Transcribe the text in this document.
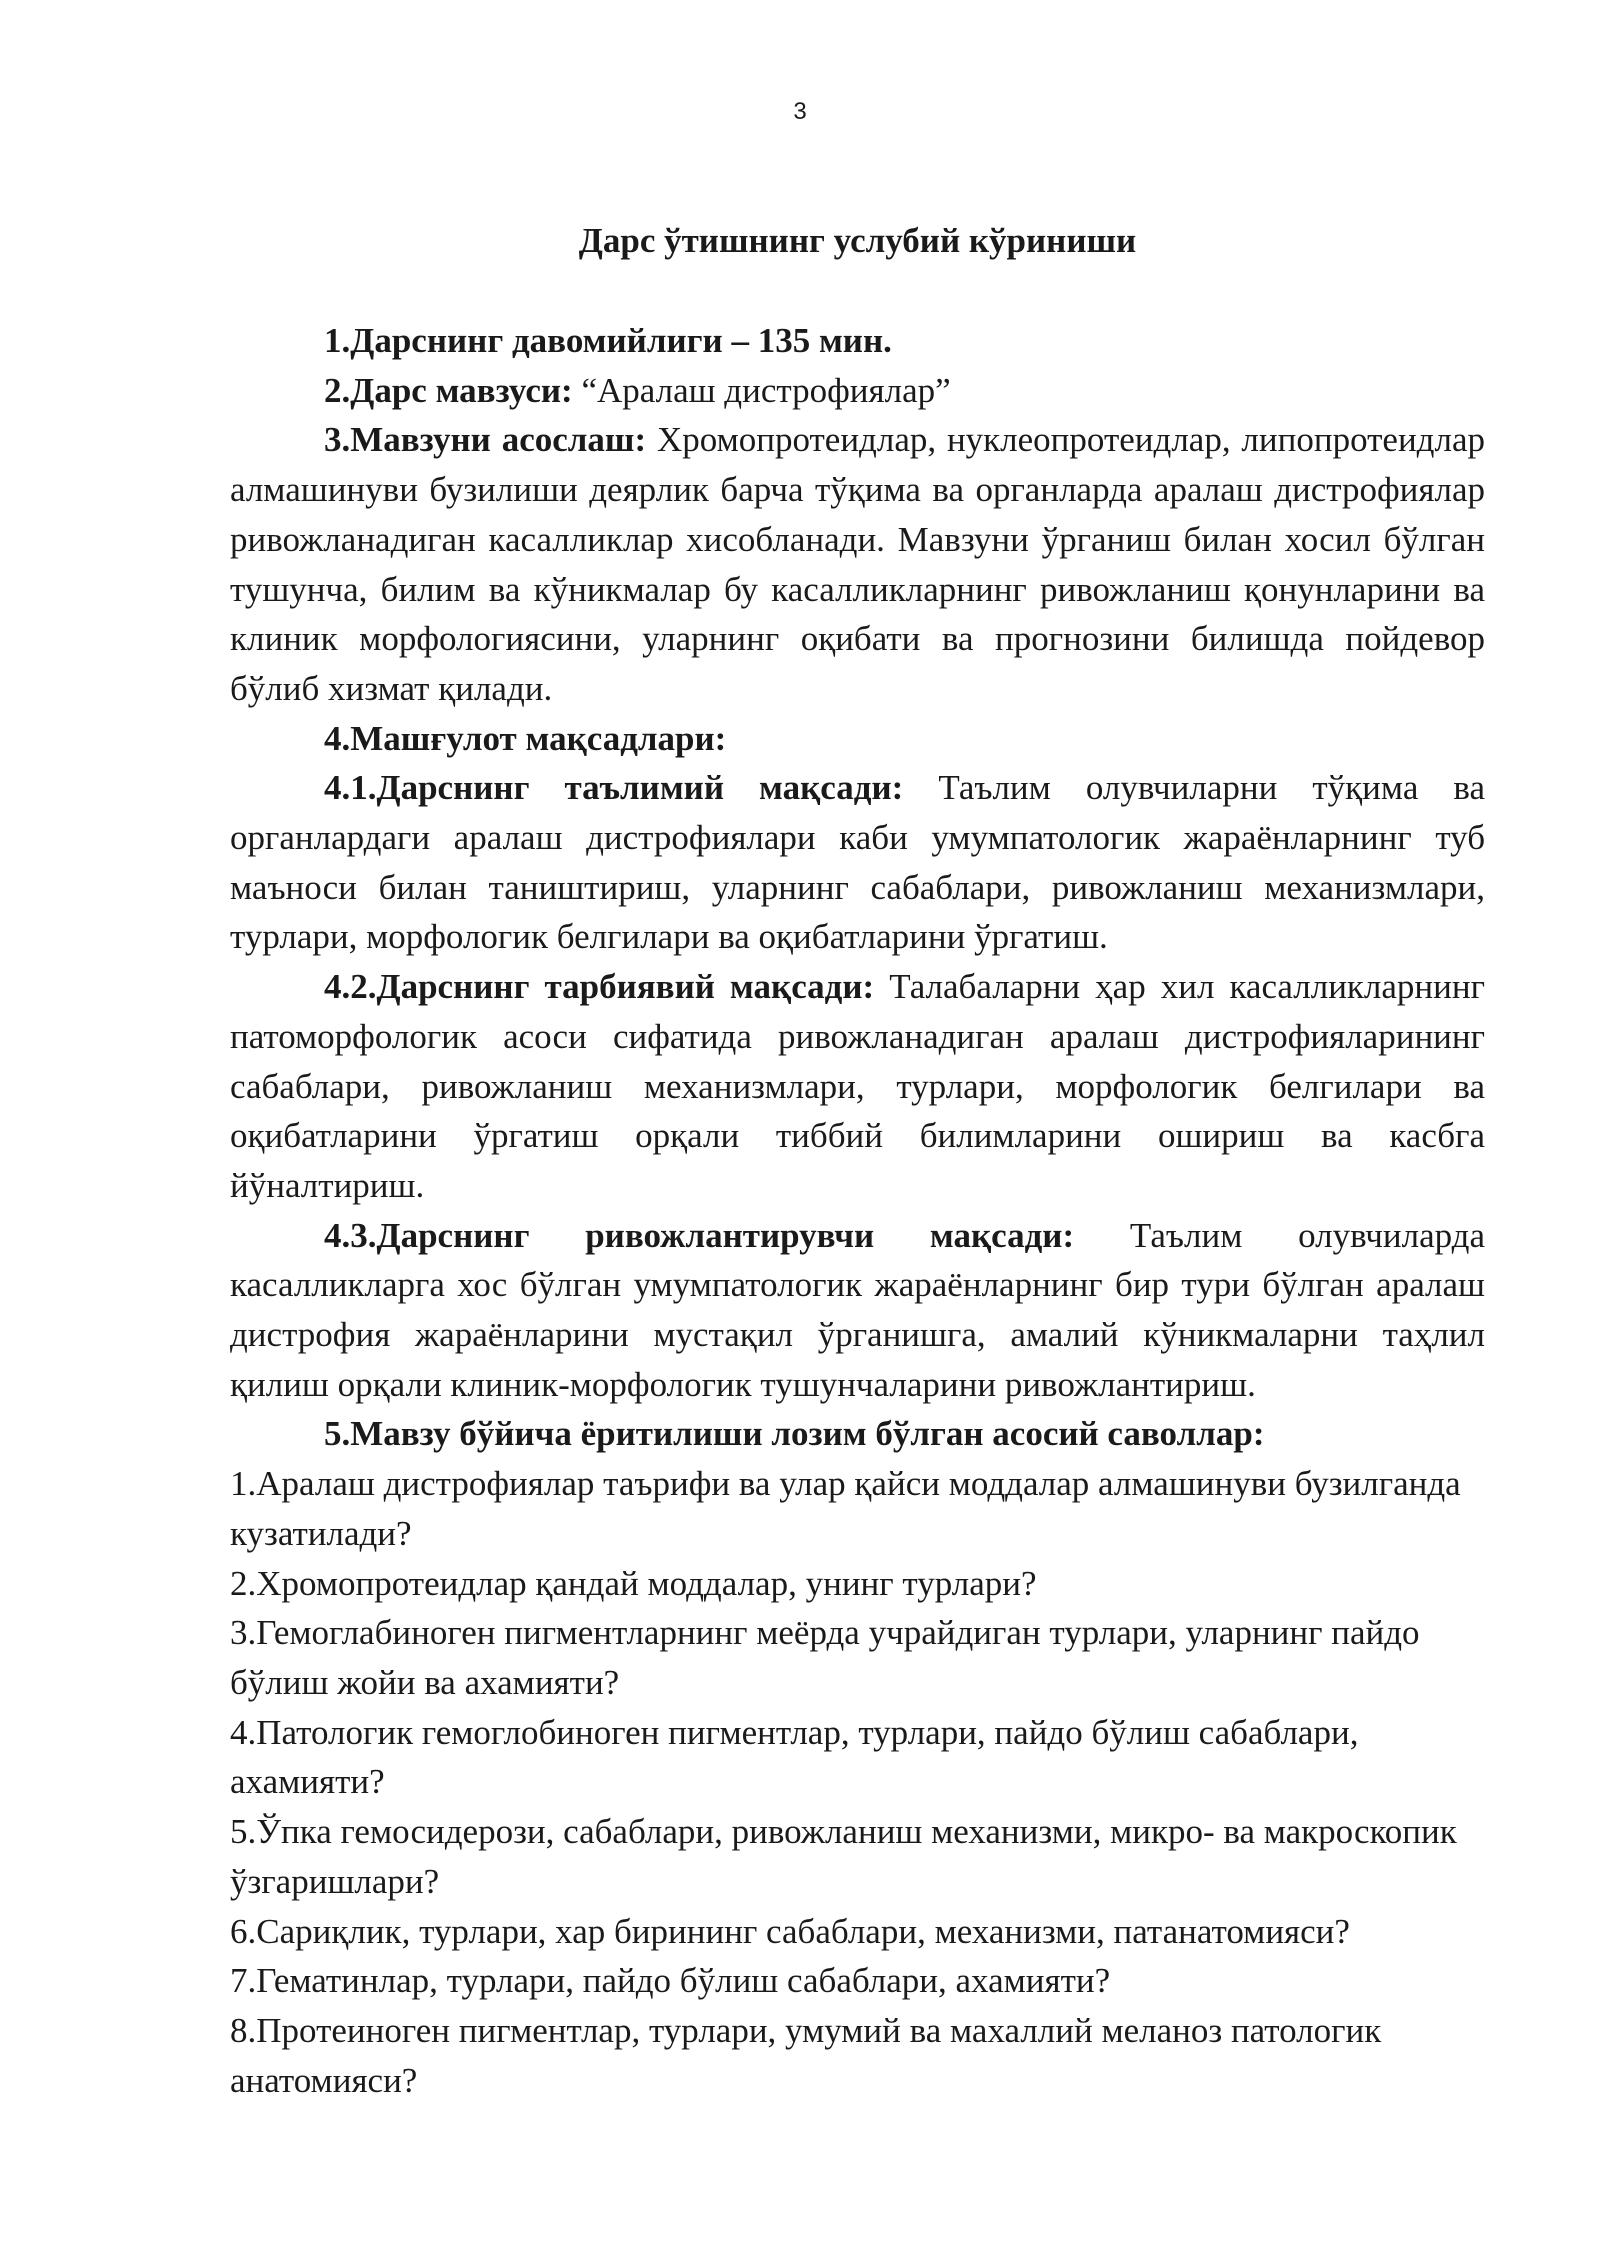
3
Дарс ўтишнинг услубий кўриниши

1.Дарснинг давомийлиги – 135 мин.

2.Дарс мавзуси: “Аралаш дистрофиялар”

3.Мавзуни асослаш: Хромопротеидлар, нуклеопротеидлар, липопротеидлар алмашинуви бузилиши деярлик барча тўқима ва органларда аралаш дистрофиялар ривожланадиган касалликлар хисобланади. Мавзуни ўрганиш билан хосил бўлган тушунча, билим ва кўникмалар бу касалликларнинг ривожланиш қонунларини ва клиник морфологиясини, уларнинг оқибати ва прогнозини билишда пойдевор бўлиб хизмат қилади.

4.Машғулот мақсадлари:

4.1.Дарснинг таълимий мақсади: Таълим олувчиларни тўқима ва органлардаги аралаш дистрофиялари каби умумпатологик жараёнларнинг туб маъноси билан таништириш, уларнинг сабаблари, ривожланиш механизмлари, турлари, морфологик белгилари ва оқибатларини ўргатиш.

4.2.Дарснинг тарбиявий мақсади: Талабаларни ҳар хил касалликларнинг патоморфологик асоси сифатида ривожланадиган аралаш дистрофияларининг сабаблари, ривожланиш механизмлари, турлари, морфологик белгилари ва оқибатларини ўргатиш орқали тиббий билимларини ошириш ва касбга йўналтириш.

4.3.Дарснинг ривожлантирувчи мақсади: Таълим олувчиларда касалликларга хос бўлган умумпатологик жараёнларнинг бир тури бўлган аралаш дистрофия жараёнларини мустақил ўрганишга, амалий кўникмаларни таҳлил қилиш орқали клиник-морфологик тушунчаларини ривожлантириш.

5.Мавзу бўйича ёритилиши лозим бўлган асосий саволлар:

1.Аралаш дистрофиялар таърифи ва улар қайси моддалар алмашинуви бузилганда кузатилади?

2.Хромопротеидлар қандай моддалар, унинг турлари?

3.Гемоглабиноген пигментларнинг меёрда учрайдиган турлари, уларнинг пайдо бўлиш жойи ва ахамияти?

4.Патологик гемоглобиноген пигментлар, турлари, пайдо бўлиш сабаблари, ахамияти?

5.Ўпка гемосидерози, сабаблари, ривожланиш механизми, микро- ва макроскопик ўзгаришлари?

6.Сариқлик, турлари, хар бирининг сабаблари, механизми, патанатомияси?

7.Гематинлар, турлари, пайдо бўлиш сабаблари, ахамияти?

8.Протеиноген пигментлар, турлари, умумий ва махаллий меланоз патологик анатомияси?
